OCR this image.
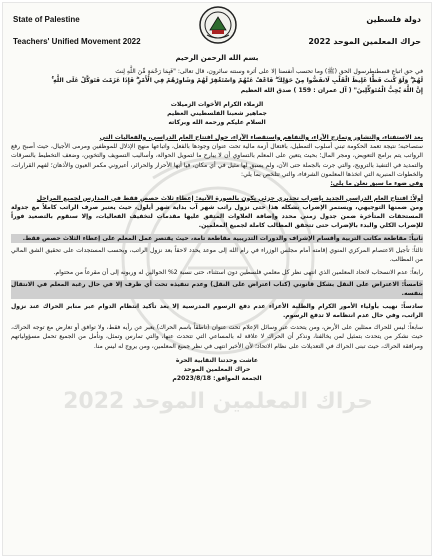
حراك المعلمين الموحد 2022
State of Palestine
Teachers' Unified Movement 2022
دولة فلسطين
حراك المعلمين الموحد 2022
بسم الله الرحمن الرحيم

في حق اتباع قسطنطرسول الحق (ﷺ) وما تحسب أنفسنا إلا على أثره وسنته سائرون، قال تعالى: "فَبِمَا رَحْمَةٍ مِّنَ اللَّهِ لِنتَ

لَهُمْ ۖ وَلَوْ كُنتَ فَظًّا غَلِيظَ الْقَلْبِ لَانفَضُّوا مِنْ حَوْلِكَ ۖ فَاعْفُ عَنْهُمْ وَاسْتَغْفِرْ لَهُمْ وَشَاوِرْهُمْ فِي الْأَمْرِ ۖ فَإِذَا عَزَمْتَ فَتَوَكَّلْ عَلَى اللَّهِ ۚ

إِنَّ اللَّهَ يُحِبُّ الْمُتَوَكِّلِينَ" ( آل عمران : 159 ) صدق الله العظيم

الزملاء الكرام الأخوات الزميلات
جماهير شعبنا الفلسطيني العظيم
السلام عليكم ورحمة الله وبركاته

بعد الاستفتاء، والتشاور وتمازج الآراء، والتفاهم واستقصاء الآراء، حول افتتاح العام الدراسي، والفعاليات التي

ستصاحبه؛ نتيجة تعمد الحكومة تبني أسلوب التمطيل، بافتعال أزمة مالية تحت عنوان وجودها بالفعل، واتباعها منهج الإذلال للموظفين ومرمى الأجيال، حيث أصبح رفع الرواتب يتم برامج التعويض، ومجر المال؛ بحيث يتعين على المعلم بالتساوي أن لا يبارح ما لتمويل الحوالة، وأساليب التسويف والتخوين، وضعف التخطيط بالسرقات والتمديد في التنفيذ بالترويج، والتي جرت بالجملة حتى الآن، ولم يسبق لها مثيل في أي مكان، فيا أيها الأحرار والحرائر، أعيروني مكمر العيون والأذهان؛ لفهم القرارات، والخطوات المنبرية التي اتخذها المعلمون الشرفاء، والتي تتلخص بما يلي:

وفي ضوء ما سبق نعلن ما يلي:

أولاً: افتتاح العام الدراسي الجديد بإضراب تحذيري جزئي يكون بالصورة الآتية: إعطاء ثلاث حصص فقط في المدارس لجميع المراحل

ومن ضمنها التوجيهي، ويستمر الإضراب بشكله هذا حتى نزول راتب شهر آب بداية شهر أيلول، حيث يعتبر صرف الراتب كاملاً مع جدولة المستحقات المتأخرة ضمن جدول زمني محدد وإضافة العلاوات المتفق عليها مقدمات لتخفيف الفعاليات، وإلا سنقوم بالتصعيد فوراً للإضراب الكلي والبدء بالإضراب حتى تتحقق المطالب كاملة لجميع المعلمين.

ثانياً: مقاطعة مكاتب التربية وأقسام الإشراف والدورات التدريبية مقاطعة تامة، حيث يقتصر عمل المعلم على إعطاء الثلاث حصص فقط.

ثالثاً: تأجيل الاعتصام المركزي المنوي إقامته أمام مجلس الوزراء في رام الله إلى موعد يحدد لاحقاً بعد نزول الراتب، وبحسب المستجدات على تحقيق الشق المالي من المطالب.

رابعاً: عدم الانسحاب لاتحاد المعلمين الذي انتهى نظر كل معلمي فلسطين دون استثناء، حتى نسبة 2% الحوالين له وربونه إلى أن مقرعاً من محتوام.

خامساً: الاعتراض على النقل بشكل قانوني (كتاب اعتراض على النقل) وعدم تنفيذه تحت أي ظرف إلا في حال رغبة المعلم في الانتقال بنفسه.

سادساً: نهيب بأولياء الأمور الكرام والطلبة الأعزاء عدم دفع الرسوم المدرسية إلا بعد تأكيد انتظام الدوام عبر منابر الحراك عند نزول الراتب، وفي حال عدم انتظامه لا تدفع الرسوم.

سابعاً: ليس للحراك ممثلين على الأرض، ومن يتحدث عبر وسائل الإعلام تحت عنوان (ناطقاً باسم الحراك) يعبر عن رأيه فقط، ولا توافق أو تعارض مع توجه الحراك، حيث نشكر من يتحدث بتمثيل لمن يخالفنا، ونذكر أن الحراك لا علاقة له بالمساعي التي تتحدث عنها، والتي تمارس وتمثل، ونأمل من الجميع تحمل مسؤولياتهم ومرافقة الحراك، حيث تبنى الحراك في التعديلات على نظام الاتحاد؛ لأن الأخير انتهى في نظر جميع المعلمين، ومن يروج له ليس منا.

عاشت وحدتنا النقابية الحرة
حراك المعلمين الموحد
الجمعة الموافق: 2023/8/18م
